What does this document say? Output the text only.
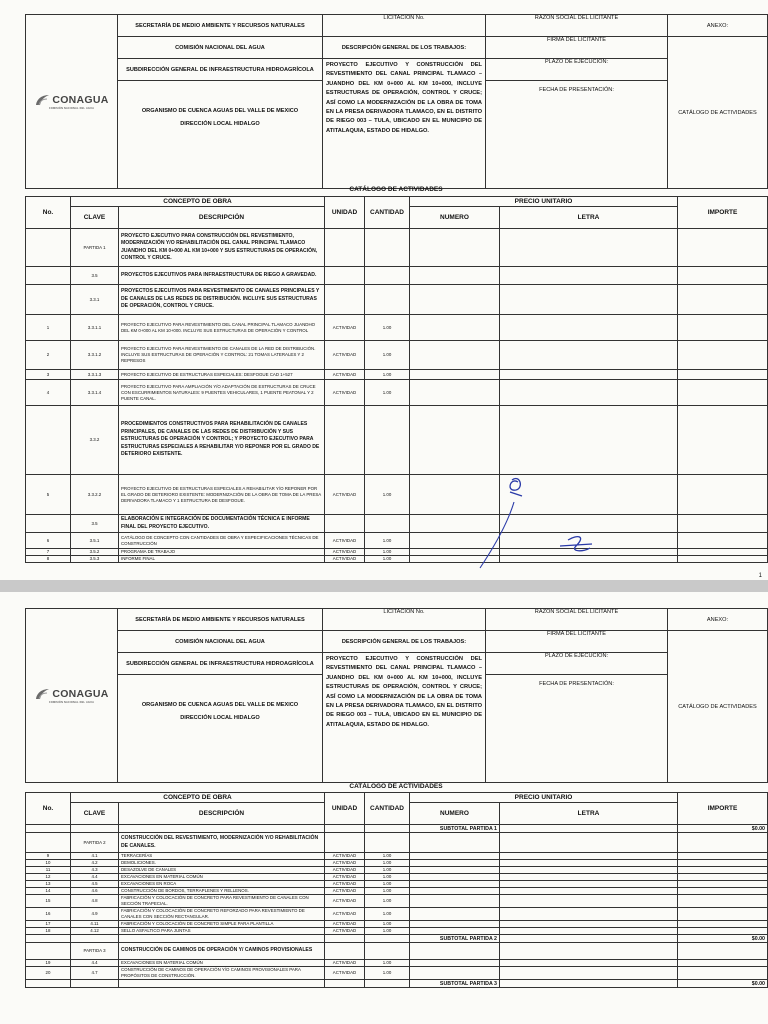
CONAGUA
COMISIÓN NACIONAL DEL AGUA	SECRETARÍA DE MEDIO AMBIENTE Y RECURSOS NATURALES	LICITACIÓN No.	RAZÓN SOCIAL DEL LICITANTE	ANEXO:
	COMISIÓN NACIONAL DEL AGUA	DESCRIPCIÓN GENERAL DE LOS TRABAJOS:	FIRMA DEL LICITANTE	CATÁLOGO DE ACTIVIDADES
	SUBDIRECCIÓN GENERAL DE INFRAESTRUCTURA HIDROAGRÍCOLA	PROYECTO EJECUTIVO Y CONSTRUCCIÓN DEL REVESTIMIENTO DEL CANAL PRINCIPAL TLAMACO – JUANDHO DEL KM 0+000 AL KM 10+000, INCLUYE ESTRUCTURAS DE OPERACIÓN, CONTROL Y CRUCE; ASÍ COMO LA MODERNIZACIÓN DE LA OBRA DE TOMA EN LA PRESA DERIVADORA TLAMACO, EN EL DISTRITO DE RIEGO 003 – TULA, UBICADO EN EL MUNICIPIO DE ATITALAQUIA, ESTADO DE HIDALGO.	PLAZO DE EJECUCIÓN:	
	ORGANISMO DE CUENCA AGUAS DEL VALLE DE MEXICO		FECHA DE PRESENTACIÓN:	
	DIRECCIÓN LOCAL HIDALGO			
CATÁLOGO DE ACTIVIDADES
No.	CONCEPTO DE OBRA		UNIDAD	CANTIDAD	PRECIO UNITARIO		IMPORTE
	CLAVE	DESCRIPCIÓN			NUMERO	LETRA	
	PARTIDA 1	PROYECTO EJECUTIVO PARA CONSTRUCCIÓN DEL REVESTIMIENTO, MODERNIZACIÓN Y/O REHABILITACIÓN DEL CANAL PRINCIPAL TLAMACO JUANDHO DEL KM 0+000 AL KM 10+000 Y SUS ESTRUCTURAS DE OPERACIÓN, CONTROL Y CRUCE.					
	3.5	PROYECTOS EJECUTIVOS PARA INFRAESTRUCTURA DE RIEGO A GRAVEDAD.					
	3.3.1	PROYECTOS EJECUTIVOS PARA REVESTIMIENTO DE CANALES PRINCIPALES Y DE CANALES DE LAS REDES DE DISTRIBUCIÓN. INCLUYE SUS ESTRUCTURAS DE OPERACIÓN, CONTROL Y CRUCE.					
1	3.3.1.1	PROYECTO EJECUTIVO PARA REVESTIMIENTO DEL CANAL PRINCIPAL TLAMACO JUANDHO DEL KM 0+000 AL KM 10+000. INCLUYE SUS ESTRUCTURAS DE OPERACIÓN Y CONTROL	ACTIVIDAD	1.00			
2	3.3.1.2	PROYECTO EJECUTIVO PARA REVESTIMIENTO DE CANALES DE LA RED DE DISTRIBUCIÓN. INCLUYE SUS ESTRUCTURAS DE OPERACIÓN Y CONTROL: 21 TOMAS LATERALES Y 2 REPRESOS	ACTIVIDAD	1.00			
3	3.3.1.3	PROYECTO EJECUTIVO DE ESTRUCTURAS ESPECIALES: DESFOGUE CAD 1+527	ACTIVIDAD	1.00			
4	3.3.1.4	PROYECTO EJECUTIVO PARA AMPLIACIÓN Y/O ADAPTACIÓN DE ESTRUCTURAS DE CRUCE CON ESCURRIMIENTOS NATURALES: 9 PUENTES VEHICULARES, 1 PUENTE PEATONAL Y 2 PUENTE CANAL.	ACTIVIDAD	1.00			
	3.3.2	PROCEDIMIENTOS CONSTRUCTIVOS PARA REHABILITACIÓN DE CANALES PRINCIPALES, DE CANALES DE LAS REDES DE DISTRIBUCIÓN Y SUS ESTRUCTURAS DE OPERACIÓN Y CONTROL; Y PROYECTO EJECUTIVO PARA ESTRUCTURAS ESPECIALES A REHABILITAR Y/O REPONER POR EL GRADO DE DETERIORO EXISTENTE.					
5	3.3.2.2	PROYECTO EJECUTIVO DE ESTRUCTURAS ESPECIALES A REHABILITAR Y/O REPONER POR EL GRADO DE DETERIORO EXISTENTE: MODERNIZACIÓN DE LA OBRA DE TOMA DE LA PRESA DERIVADORA TLAMACO Y 1 ESTRUCTURA DE DESFOGUE.	ACTIVIDAD	1.00			
	3.5	ELABORACIÓN E INTEGRACIÓN DE DOCUMENTACIÓN TÉCNICA E INFORME FINAL DEL PROYECTO EJECUTIVO.					
6	3.5.1	CATÁLOGO DE CONCEPTO CON CANTIDADES DE OBRA Y ESPECIFICACIONES TÉCNICAS DE CONSTRUCCIÓN	ACTIVIDAD	1.00			
7	3.5.2	PROGRAMA DE TRABAJO	ACTIVIDAD	1.00			
8	3.5.3	INFORME FINAL	ACTIVIDAD	1.00			
1
CONAGUA
COMISIÓN NACIONAL DEL AGUA	SECRETARÍA DE MEDIO AMBIENTE Y RECURSOS NATURALES	LICITACIÓN No.	RAZÓN SOCIAL DEL LICITANTE	ANEXO:
	COMISIÓN NACIONAL DEL AGUA	DESCRIPCIÓN GENERAL DE LOS TRABAJOS:	FIRMA DEL LICITANTE	CATÁLOGO DE ACTIVIDADES
	SUBDIRECCIÓN GENERAL DE INFRAESTRUCTURA HIDROAGRÍCOLA	PROYECTO EJECUTIVO Y CONSTRUCCIÓN DEL REVESTIMIENTO DEL CANAL PRINCIPAL TLAMACO – JUANDHO DEL KM 0+000 AL KM 10+000, INCLUYE ESTRUCTURAS DE OPERACIÓN, CONTROL Y CRUCE; ASÍ COMO LA MODERNIZACIÓN DE LA OBRA DE TOMA EN LA PRESA DERIVADORA TLAMACO, EN EL DISTRITO DE RIEGO 003 – TULA, UBICADO EN EL MUNICIPIO DE ATITALAQUIA, ESTADO DE HIDALGO.	PLAZO DE EJECUCIÓN:	
	ORGANISMO DE CUENCA AGUAS DEL VALLE DE MEXICO		FECHA DE PRESENTACIÓN:	
	DIRECCIÓN LOCAL HIDALGO			
CATÁLOGO DE ACTIVIDADES
No.	CONCEPTO DE OBRA		UNIDAD	CANTIDAD	PRECIO UNITARIO		IMPORTE
	CLAVE	DESCRIPCIÓN			NUMERO	LETRA	
					SUBTOTAL PARTIDA 1		$0.00
	PARTIDA 2	CONSTRUCCIÓN DEL REVESTIMIENTO, MODERNIZACIÓN Y/O REHABILITACIÓN DE CANALES.					
9	4.1	TERRACERÍAS	ACTIVIDAD	1.00			
10	4.2	DEMOLICIONES.	ACTIVIDAD	1.00			
11	4.3	DESAZOLVE DE CANALES	ACTIVIDAD	1.00			
12	4.4	EXCAVACIONES EN MATERIAL COMÚN	ACTIVIDAD	1.00			
13	4.5	EXCAVACIONES EN ROCA	ACTIVIDAD	1.00			
14	4.6	CONSTRUCCIÓN DE BORDOS, TERRAPLENES Y RELLENOS.	ACTIVIDAD	1.00			
15	4.8	FABRICACIÓN Y COLOCACIÓN DE CONCRETO PARA REVESTIMIENTO DE CANALES CON SECCIÓN TRAPECIAL.	ACTIVIDAD	1.00			
16	4.9	FABRICACIÓN Y COLOCACIÓN DE CONCRETO REFORZADO PARA REVESTIMIENTO DE CANALES CON SECCIÓN RECTANGULAR.	ACTIVIDAD	1.00			
17	4.11	FABRICACIÓN Y COLOCACIÓN DE CONCRETO SIMPLE PARA PLANTILLA	ACTIVIDAD	1.00			
18	4.12	SELLO ASFALTICO PARA JUNTAS	ACTIVIDAD	1.00			
					SUBTOTAL PARTIDA 2		$0.00
	PARTIDA 3	CONSTRUCCIÓN DE CAMINOS DE OPERACIÓN Y/ CAMINOS PROVISIONALES					
19	4.4	EXCAVACIONES EN MATERIAL COMÚN	ACTIVIDAD	1.00			
20	4.7	CONSTRUCCIÓN DE CAMINOS DE OPERACIÓN Y/O CAMINOS PROVISIONALES PARA PROPÓSITOS DE CONSTRUCCIÓN.	ACTIVIDAD	1.00			
					SUBTOTAL PARTIDA 3		$0.00
